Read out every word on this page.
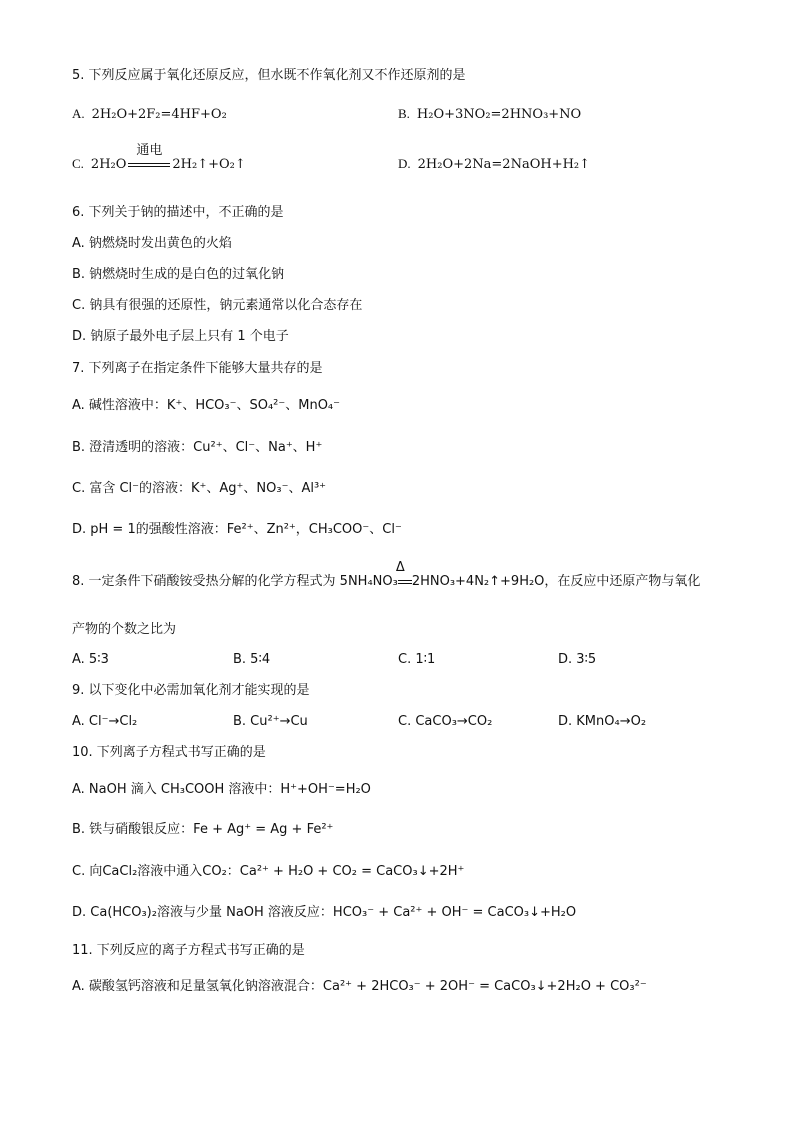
5. 下列反应属于氧化还原反应，但水既不作氧化剂又不作还原剂的是
A. 2H₂O+2F₂=4HF+O₂	B. H₂O+3NO₂=2HNO₃+NO
C. 2H₂O
通电
2H₂↑+O₂↑	D. 2H₂O+2Na=2NaOH+H₂↑
6. 下列关于钠的描述中，不正确的是
A. 钠燃烧时发出黄色的火焰
B. 钠燃烧时生成的是白色的过氧化钠
C. 钠具有很强的还原性，钠元素通常以化合态存在
D. 钠原子最外电子层上只有 1 个电子
7. 下列离子在指定条件下能够大量共存的是
A. 碱性溶液中：K⁺、HCO₃⁻、SO₄²⁻、MnO₄⁻
B. 澄清透明的溶液：Cu²⁺、Cl⁻、Na⁺、H⁺
C. 富含 Cl⁻的溶液：K⁺、Ag⁺、NO₃⁻、Al³⁺
D. pH = 1的强酸性溶液：Fe²⁺、Zn²⁺，CH₃COO⁻、Cl⁻
8. 一定条件下硝酸铵受热分解的化学方程式为 5NH₄NO₃
Δ
2HNO₃+4N₂↑+9H₂O，在反应中还原产物与氧化
产物的个数之比为
A. 5∶3	B. 5∶4	C. 1∶1	D. 3∶5
9. 以下变化中必需加氧化剂才能实现的是
A. Cl⁻→Cl₂	B. Cu²⁺→Cu	C. CaCO₃→CO₂	D. KMnO₄→O₂
10. 下列离子方程式书写正确的是
A. NaOH 滴入 CH₃COOH 溶液中：H⁺+OH⁻=H₂O
B. 铁与硝酸银反应：Fe + Ag⁺ = Ag + Fe²⁺
C. 向CaCl₂溶液中通入CO₂：Ca²⁺ + H₂O + CO₂ = CaCO₃↓+2H⁺
D. Ca(HCO₃)₂溶液与少量 NaOH 溶液反应：HCO₃⁻ + Ca²⁺ + OH⁻ = CaCO₃↓+H₂O
11. 下列反应的离子方程式书写正确的是
A. 碳酸氢钙溶液和足量氢氧化钠溶液混合：Ca²⁺ + 2HCO₃⁻ + 2OH⁻ = CaCO₃↓+2H₂O + CO₃²⁻
